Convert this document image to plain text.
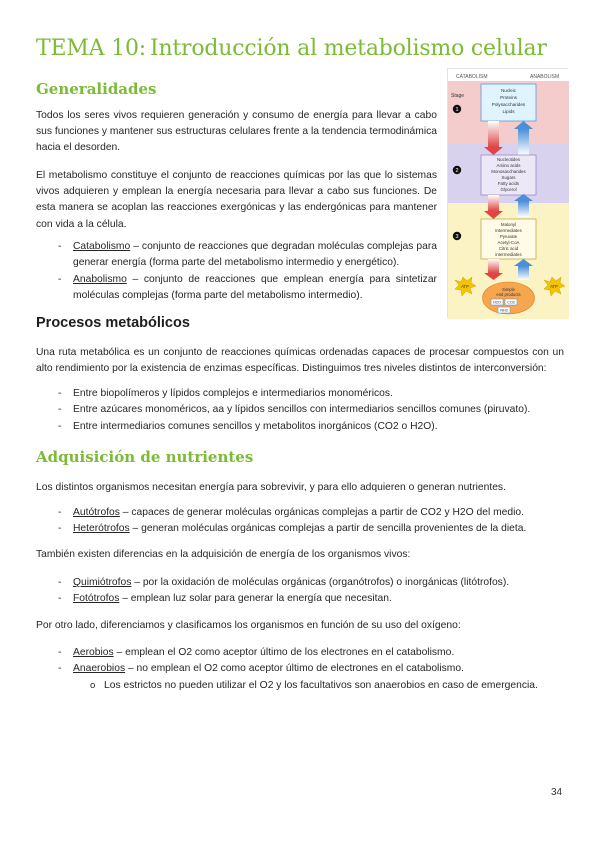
TEMA 10: Introducción al metabolismo celular
CATABOLISM	ANABOLISM
Stage
1
2
3
Nucleic
Proteins
Polysaccharides
Lipids
Nucleotides
Amino acids
Monosaccharides
Sugars
Fatty acids
Glycerol
Malonyl
Intermediates
Pyruvate
Acetyl-CoA
Citric acid
intermediates
ATP	ATP
Simple
end products
H2O CO2
NH3
Generalidades

Todos los seres vivos requieren generación y consumo de energía para llevar a cabo sus funciones y mantener sus estructuras celulares frente a la tendencia termodinámica hacia el desorden.

El metabolismo constituye el conjunto de reacciones químicas por las que lo sistemas vivos adquieren y emplean la energía necesaria para llevar a cabo sus funciones. De esta manera se acoplan las reacciones exergónicas y las endergónicas para mantener con vida a la célula.

- Catabolismo – conjunto de reacciones que degradan moléculas complejas para generar energía (forma parte del metabolismo intermedio y energético).
- Anabolismo – conjunto de reacciones que emplean energía para sintetizar moléculas complejas (forma parte del metabolismo intermedio).
Procesos metabólicos

Una ruta metabólica es un conjunto de reacciones químicas ordenadas capaces de procesar compuestos con un alto rendimiento por la existencia de enzimas específicas. Distinguimos tres niveles distintos de interconversión:

- Entre biopolímeros y lípidos complejos e intermediarios monoméricos.
- Entre azúcares monoméricos, aa y lípidos sencillos con intermediarios sencillos comunes (piruvato).
- Entre intermediarios comunes sencillos y metabolitos inorgánicos (CO2 o H2O).
Adquisición de nutrientes

Los distintos organismos necesitan energía para sobrevivir, y para ello adquieren o generan nutrientes.

- Autótrofos – capaces de generar moléculas orgánicas complejas a partir de CO2 y H2O del medio.
- Heterótrofos – generan moléculas orgánicas complejas a partir de sencilla provenientes de la dieta.

También existen diferencias en la adquisición de energía de los organismos vivos:

- Quimiótrofos – por la oxidación de moléculas orgánicas (organótrofos) o inorgánicas (litótrofos).
- Fotótrofos – emplean luz solar para generar la energía que necesitan.

Por otro lado, diferenciamos y clasificamos los organismos en función de su uso del oxígeno:

- Aerobios – emplean el O2 como aceptor último de los electrones en el catabolismo.
- Anaerobios – no emplean el O2 como aceptor último de electrones en el catabolismo.
o Los estrictos no pueden utilizar el O2 y los facultativos son anaerobios en caso de emergencia.
34
